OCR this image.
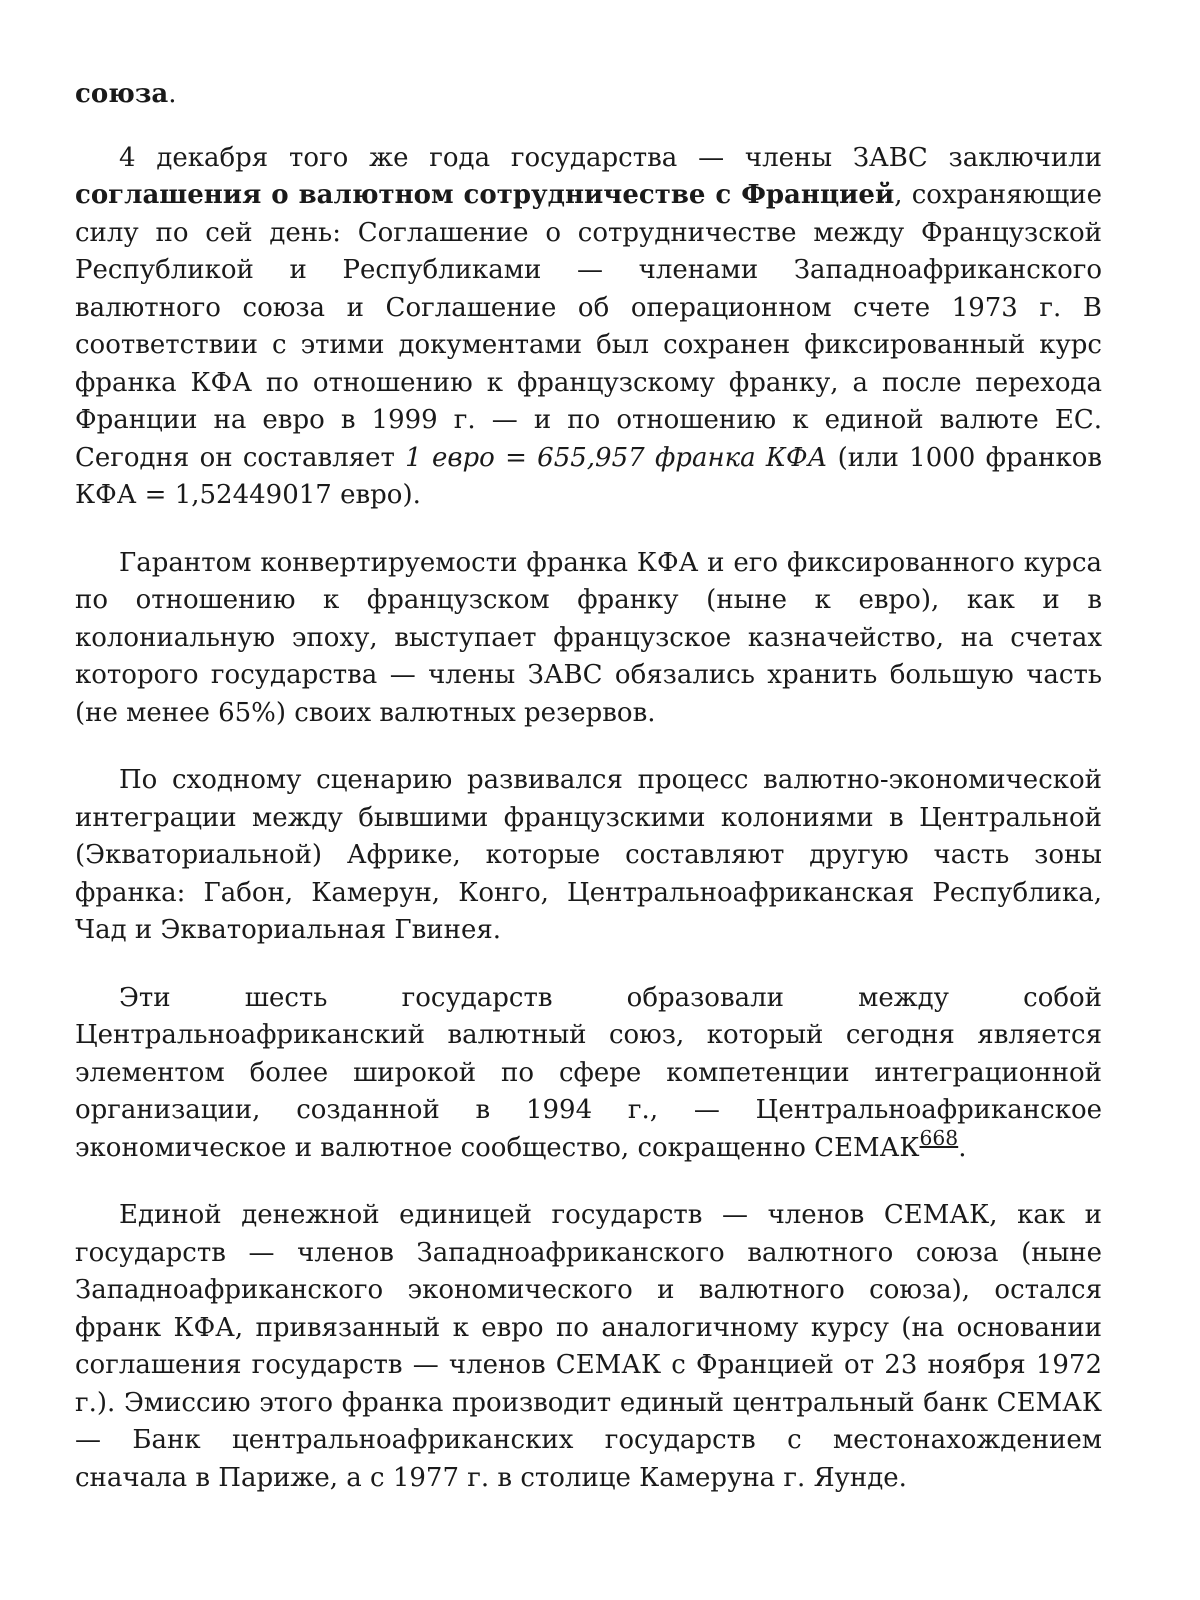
союза.

4 декабря того же года государства — члены ЗАВС заключили соглашения о валютном сотрудничестве с Францией, сохраняющие силу по сей день: Соглашение о сотрудничестве между Французской Республикой и Республиками — членами Западноафриканского валютного союза и Соглашение об операционном счете 1973 г. В соответствии с этими документами был сохранен фиксированный курс франка КФА по отношению к французскому франку, а после перехода Франции на евро в 1999 г. — и по отношению к единой валюте ЕС. Сегодня он составляет 1 евро = 655,957 франка КФА (или 1000 франков КФА = 1,52449017 евро).

Гарантом конвертируемости франка КФА и его фиксированного курса по отношению к французском франку (ныне к евро), как и в колониальную эпоху, выступает французское казначейство, на счетах которого государства — члены ЗАВС обязались хранить большую часть (не менее 65%) своих валютных резервов.

По сходному сценарию развивался процесс валютно-экономической интеграции между бывшими французскими колониями в Центральной (Экваториальной) Африке, которые составляют другую часть зоны франка: Габон, Камерун, Конго, Центральноафриканская Республика, Чад и Экваториальная Гвинея.

Эти шесть государств образовали между собой Центральноафриканский валютный союз, который сегодня является элементом более широкой по сфере компетенции интеграционной организации, созданной в 1994 г., — Центральноафриканское экономическое и валютное сообщество, сокращенно СЕМАК$^{668}$.

Единой денежной единицей государств — членов СЕМАК, как и государств — членов Западноафриканского валютного союза (ныне Западноафриканского экономического и валютного союза), остался франк КФА, привязанный к евро по аналогичному курсу (на основании соглашения государств — членов СЕМАК с Францией от 23 ноября 1972 г.). Эмиссию этого франка производит единый центральный банк СЕМАК — Банк центральноафриканских государств с местонахождением сначала в Париже, а с 1977 г. в столице Камеруна г. Яунде.
